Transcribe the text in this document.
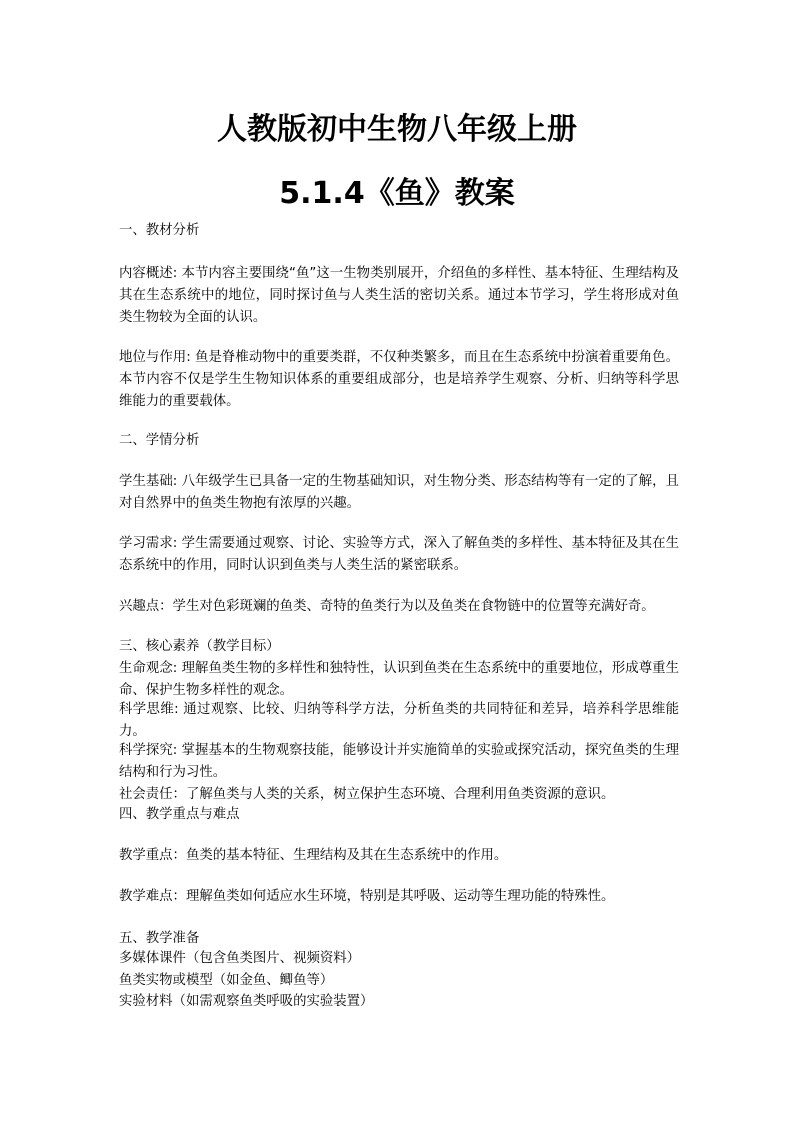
人教版初中生物八年级上册
5.1.4《鱼》教案
一、教材分析
内容概述: 本节内容主要围绕“鱼”这一生物类别展开，介绍鱼的多样性、基本特征、生理结构及其在生态系统中的地位，同时探讨鱼与人类生活的密切关系。通过本节学习，学生将形成对鱼类生物较为全面的认识。
地位与作用: 鱼是脊椎动物中的重要类群，不仅种类繁多，而且在生态系统中扮演着重要角色。本节内容不仅是学生生物知识体系的重要组成部分，也是培养学生观察、分析、归纳等科学思维能力的重要载体。
二、学情分析
学生基础: 八年级学生已具备一定的生物基础知识，对生物分类、形态结构等有一定的了解，且对自然界中的鱼类生物抱有浓厚的兴趣。
学习需求: 学生需要通过观察、讨论、实验等方式，深入了解鱼类的多样性、基本特征及其在生态系统中的作用，同时认识到鱼类与人类生活的紧密联系。
兴趣点：学生对色彩斑斓的鱼类、奇特的鱼类行为以及鱼类在食物链中的位置等充满好奇。
三、核心素养（教学目标）
生命观念: 理解鱼类生物的多样性和独特性，认识到鱼类在生态系统中的重要地位，形成尊重生命、保护生物多样性的观念。
科学思维: 通过观察、比较、归纳等科学方法，分析鱼类的共同特征和差异，培养科学思维能力。
科学探究: 掌握基本的生物观察技能，能够设计并实施简单的实验或探究活动，探究鱼类的生理结构和行为习性。
社会责任：了解鱼类与人类的关系，树立保护生态环境、合理利用鱼类资源的意识。
四、教学重点与难点
教学重点：鱼类的基本特征、生理结构及其在生态系统中的作用。
教学难点：理解鱼类如何适应水生环境，特别是其呼吸、运动等生理功能的特殊性。
五、教学准备
多媒体课件（包含鱼类图片、视频资料）
鱼类实物或模型（如金鱼、鲫鱼等）
实验材料（如需观察鱼类呼吸的实验装置）
